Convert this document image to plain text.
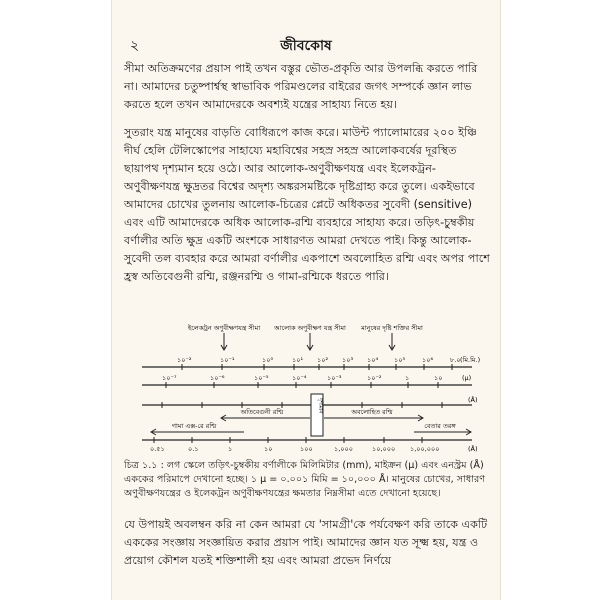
২	জীবকোষ

সীমা অতিক্রমণের প্রয়াস পাই তখন বস্তুর ভৌত-প্রকৃতি আর উপলব্ধি করতে পারি না। আমাদের চতুষ্পার্শ্বস্থ স্বাভাবিক পরিমণ্ডলের বাইরের জগৎ সম্পর্কে জ্ঞান লাভ করতে হলে তখন আমাদেরকে অবশ্যই যন্ত্রের সাহায্য নিতে হয়।

সুতরাং যন্ত্র মানুষের বাড়তি বোধিরূপে কাজ করে। মাউন্ট প্যালোমারের ২০০ ইঞ্চি দীর্ঘ হেলি টেলিস্কোপের সাহায্যে মহাবিশ্বের সহস্র সহস্র আলোকবর্ষের দূরস্থিত ছায়াপথ দৃশ্যমান হয়ে ওঠে। আর আলোক-অণুবীক্ষণযন্ত্র এবং ইলেকট্রন-অণুবীক্ষণযন্ত্র ক্ষুদ্রতর বিশ্বের অদৃশ্য অঙ্করসমষ্টিকে দৃষ্টিগ্রাহ্য করে তুলে। একইভাবে আমাদের চোখের তুলনায় আলোক-চিত্রের প্লেটে অধিকতর সুবেদী (sensitive) এবং এটি আমাদেরকে অধিক আলোক-রশ্মি ব্যবহারে সাহায্য করে। তড়িৎ-চুম্বকীয় বর্ণালীর অতি ক্ষুদ্র একটি অংশকে সাধারণত আমরা দেখতে পাই। কিন্তু আলোক-সুবেদী তল ব্যবহার করে আমরা বর্ণালীর একপাশে অবলোহিত রশ্মি এবং অপর পাশে হ্রস্ব অতিবেগুনী রশ্মি, রঞ্জনরশ্মি ও গামা-রশ্মিকে ধরতে পারি।

ইলেকট্রন অণুবীক্ষণযন্ত্র সীমা আলোক অণুবীক্ষণ যন্ত্র সীমা মানুষের দৃষ্টি শক্তির সীমা
১০⁻²	১০⁻¹	১০⁰	১০¹ ১০² ১০³ ১০⁴ ১০⁵	১০⁶	৮.০ (মি.মি.)
১০⁻⁷	১০⁻⁶	১০⁻⁵	১০⁻⁴	১০⁻³	১০⁻²	১	১০	(μ)
(Å)
দৃশ্যমান
অতিবেগুনী রশ্মি	অবলোহিত রশ্মি
গামা এক্স-রে রশ্মি	বেতার তরঙ্গ
০.৫১	০.১	১	১০	১০০	১,০০০	১০,০০০ ১,০০,০০০	(Å)
চিত্র ১.১ : লগ স্কেলে তড়িৎ-চুম্বকীয় বর্ণালীকে মিলিমিটার (mm), মাইক্রন (μ) এবং এনস্ট্রম (Å) এককের পরিমাপে দেখানো হচ্ছে। ১ μ = ০.০০১ মিমি = ১০,০০০ Å। মানুষের চোখের, সাধারণ অণুবীক্ষণযন্ত্রের ও ইলেকট্রন অণুবীক্ষণযন্ত্রের ক্ষমতার নিম্নসীমা এতে দেখানো হয়েছে।
যে উপায়ই অবলম্বন করি না কেন আমরা যে 'সামগ্রী'কে পর্যবেক্ষণ করি তাকে একটি এককের সংজ্ঞায় সংজ্ঞায়িত করার প্রয়াস পাই। আমাদের জ্ঞান যত সূক্ষ্ম হয়, যন্ত্র ও প্রয়োগ কৌশল যতই শক্তিশালী হয় এবং আমরা প্রভেদ নির্ণয়ে
